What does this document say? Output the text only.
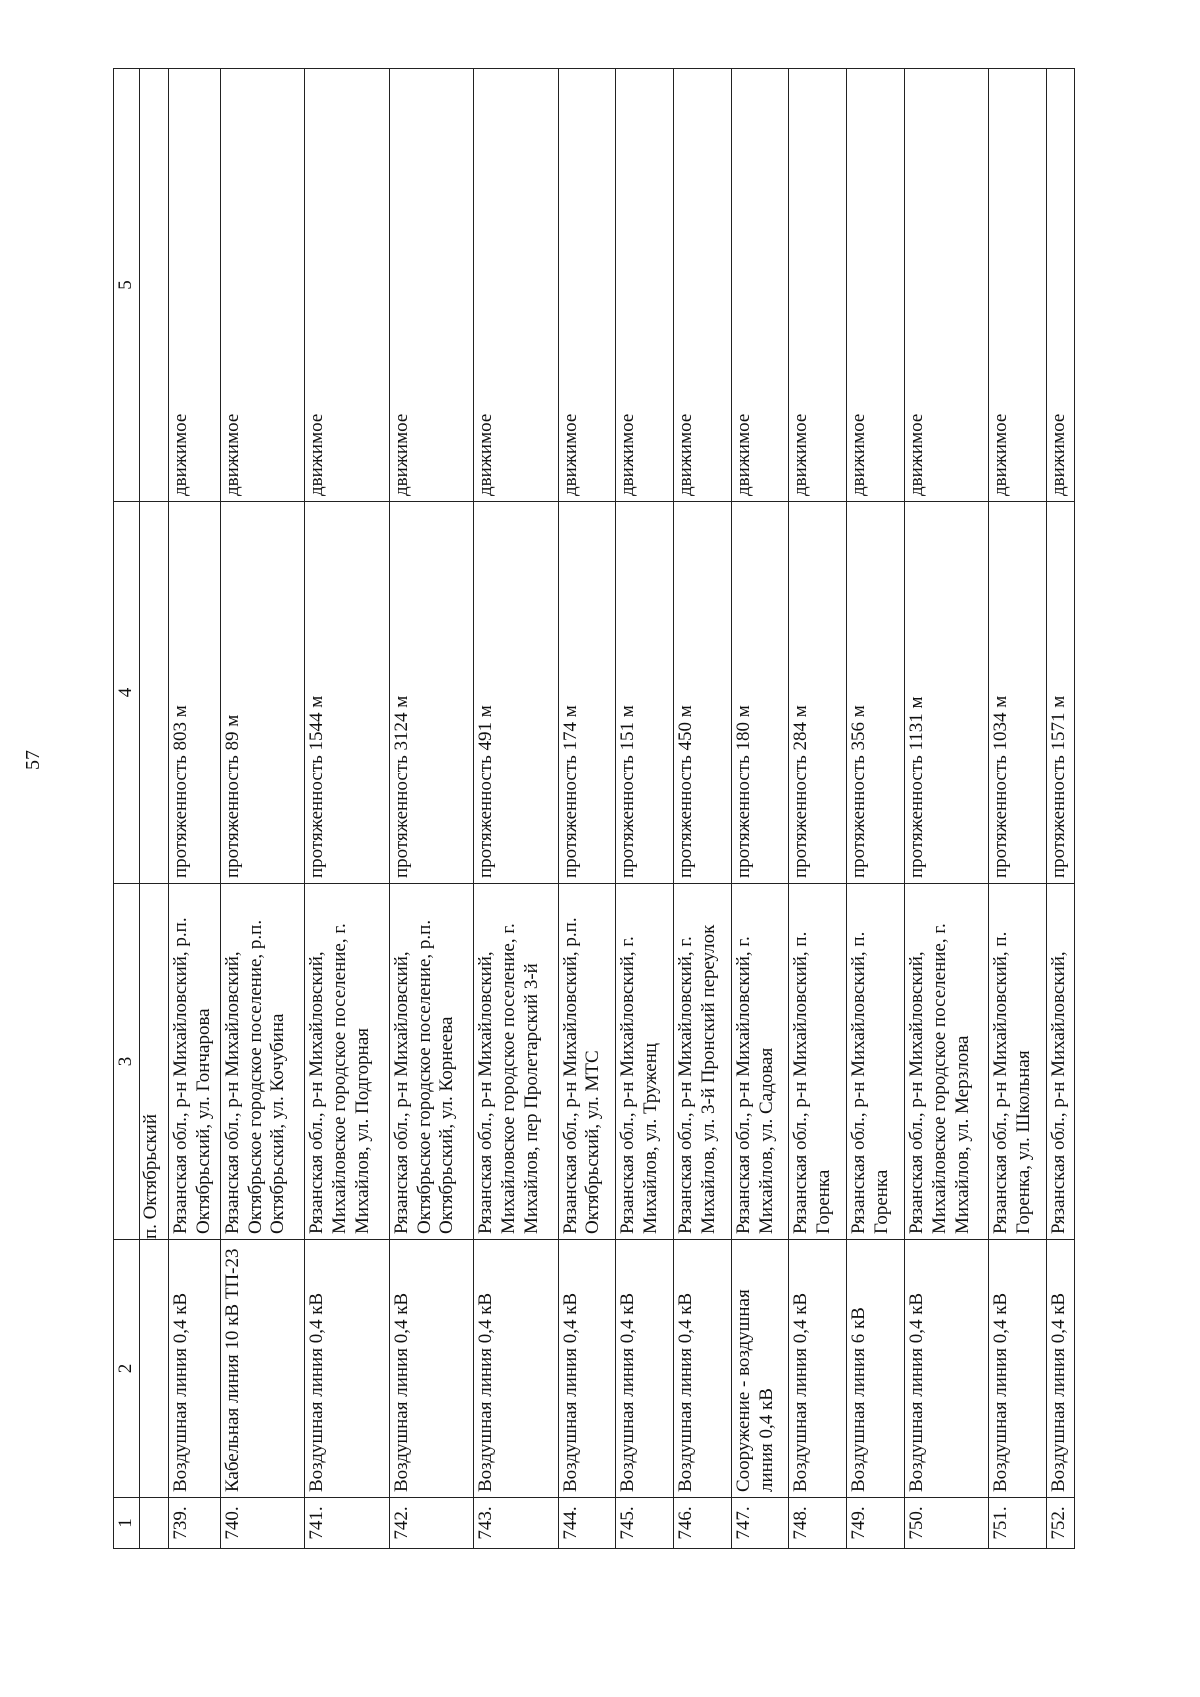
57
1	2	3	4	5
		п. Октябрьский		
739.	Воздушная линия 0,4 кВ	Рязанская обл., р-н Михайловский, р.п. Октябрьский, ул. Гончарова	протяженность 803 м	движимое
740.	Кабельная линия 10 кВ ТП-23	Рязанская обл., р-н Михайловский, Октябрьское городское поселение, р.п. Октябрьский, ул. Кочубина	протяженность 89 м	движимое
741.	Воздушная линия 0,4 кВ	Рязанская обл., р-н Михайловский, Михайловское городское поселение, г. Михайлов, ул. Подгорная	протяженность 1544 м	движимое
742.	Воздушная линия 0,4 кВ	Рязанская обл., р-н Михайловский, Октябрьское городское поселение, р.п. Октябрьский, ул. Корнеева	протяженность 3124 м	движимое
743.	Воздушная линия 0,4 кВ	Рязанская обл., р-н Михайловский, Михайловское городское поселение, г. Михайлов, пер Пролетарский 3-й	протяженность 491 м	движимое
744.	Воздушная линия 0,4 кВ	Рязанская обл., р-н Михайловский, р.п. Октябрьский, ул. МТС	протяженность 174 м	движимое
745.	Воздушная линия 0,4 кВ	Рязанская обл., р-н Михайловский, г. Михайлов, ул. Труженц	протяженность 151 м	движимое
746.	Воздушная линия 0,4 кВ	Рязанская обл., р-н Михайловский, г. Михайлов, ул. 3-й Пронский переулок	протяженность 450 м	движимое
747.	Сооружение - воздушная линия 0,4 кВ	Рязанская обл., р-н Михайловский, г. Михайлов, ул. Садовая	протяженность 180 м	движимое
748.	Воздушная линия 0,4 кВ	Рязанская обл., р-н Михайловский, п. Горенка	протяженность 284 м	движимое
749.	Воздушная линия 6 кВ	Рязанская обл., р-н Михайловский, п. Горенка	протяженность 356 м	движимое
750.	Воздушная линия 0,4 кВ	Рязанская обл., р-н Михайловский, Михайловское городское поселение, г. Михайлов, ул. Мерзлова	протяженность 1131 м	движимое
751.	Воздушная линия 0,4 кВ	Рязанская обл., р-н Михайловский, п. Горенка, ул. Школьная	протяженность 1034 м	движимое
752.	Воздушная линия 0,4 кВ	Рязанская обл., р-н Михайловский,	протяженность 1571 м	движимое
